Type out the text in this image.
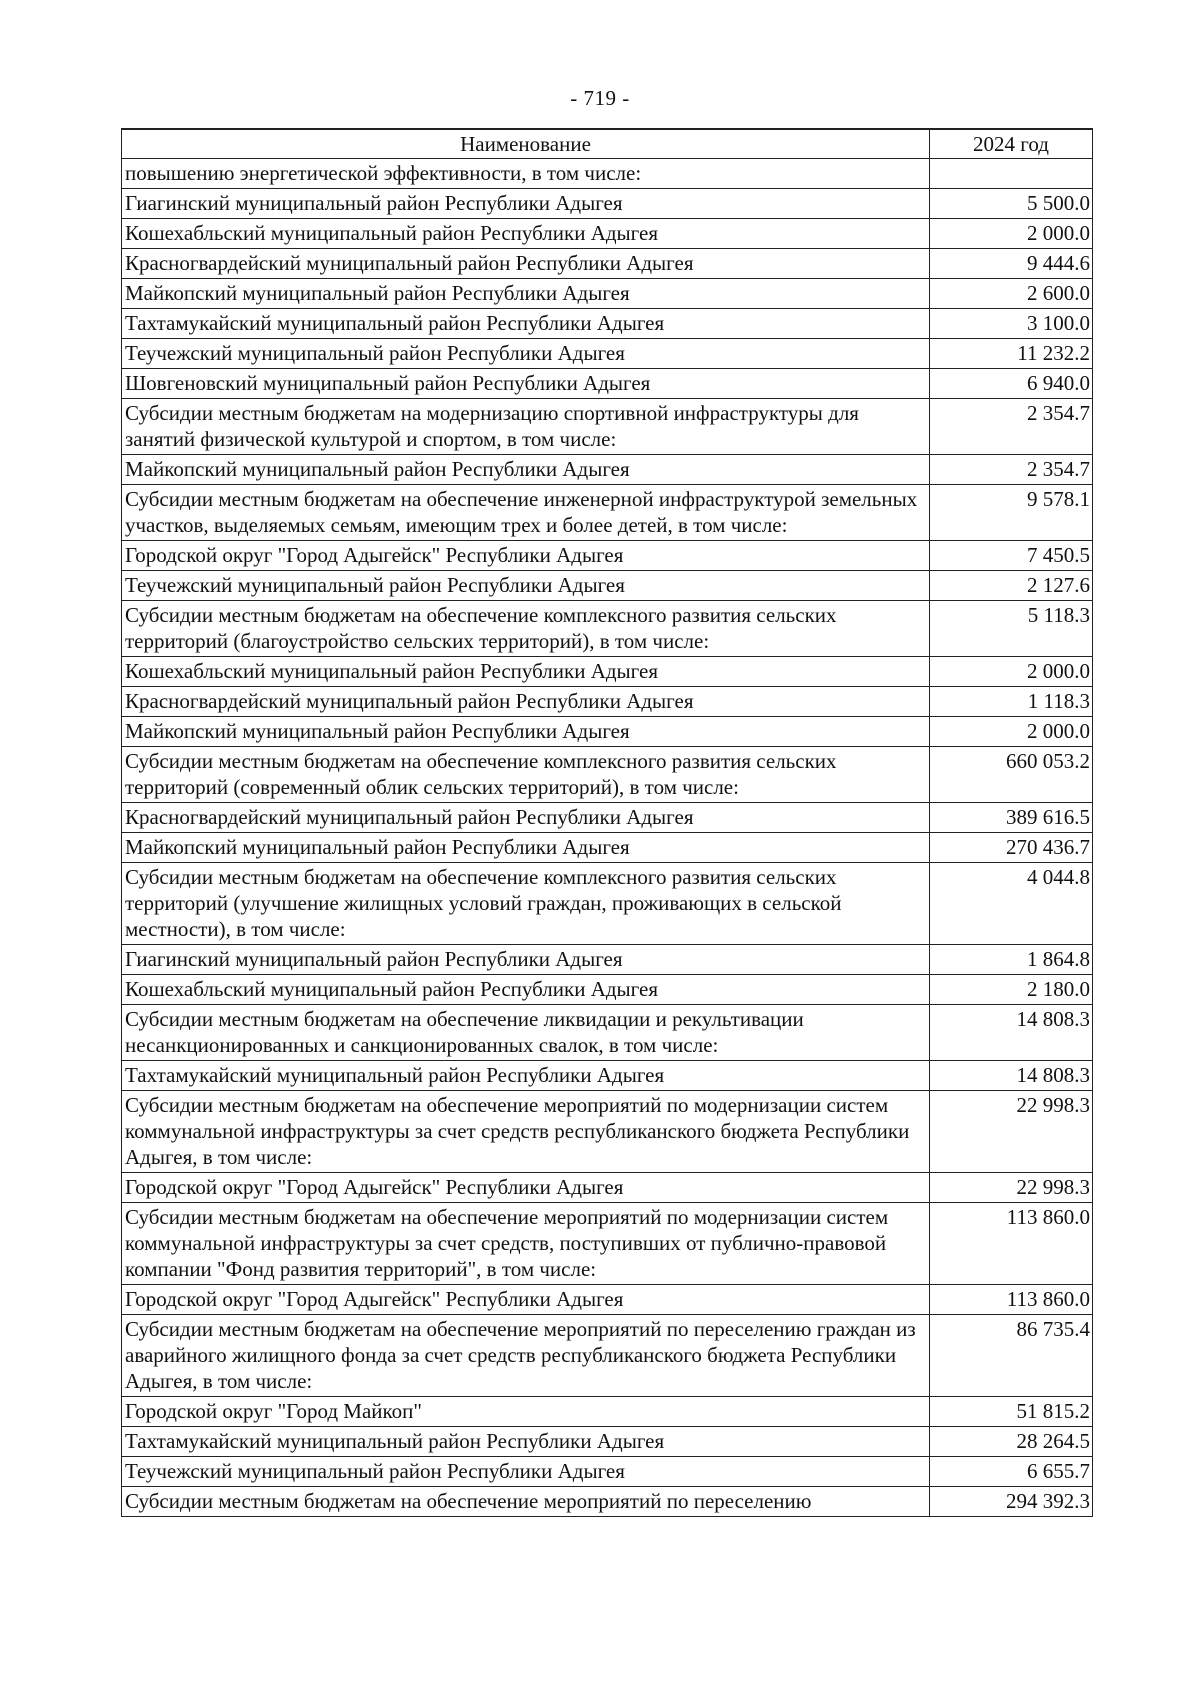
- 719 -
Наименование	2024 год
повышению энергетической эффективности, в том числе:	
Гиагинский муниципальный район Республики Адыгея	5 500.0
Кошехабльский муниципальный район Республики Адыгея	2 000.0
Красногвардейский муниципальный район Республики Адыгея	9 444.6
Майкопский муниципальный район Республики Адыгея	2 600.0
Тахтамукайский муниципальный район Республики Адыгея	3 100.0
Теучежский муниципальный район Республики Адыгея	11 232.2
Шовгеновский муниципальный район Республики Адыгея	6 940.0
Субсидии местным бюджетам на модернизацию спортивной инфраструктуры для занятий физической культурой и спортом, в том числе:	2 354.7
Майкопский муниципальный район Республики Адыгея	2 354.7
Субсидии местным бюджетам на обеспечение инженерной инфраструктурой земельных участков, выделяемых семьям, имеющим трех и более детей, в том числе:	9 578.1
Городской округ "Город Адыгейск" Республики Адыгея	7 450.5
Теучежский муниципальный район Республики Адыгея	2 127.6
Субсидии местным бюджетам на обеспечение комплексного развития сельских территорий (благоустройство сельских территорий), в том числе:	5 118.3
Кошехабльский муниципальный район Республики Адыгея	2 000.0
Красногвардейский муниципальный район Республики Адыгея	1 118.3
Майкопский муниципальный район Республики Адыгея	2 000.0
Субсидии местным бюджетам на обеспечение комплексного развития сельских территорий (современный облик сельских территорий), в том числе:	660 053.2
Красногвардейский муниципальный район Республики Адыгея	389 616.5
Майкопский муниципальный район Республики Адыгея	270 436.7
Субсидии местным бюджетам на обеспечение комплексного развития сельских территорий (улучшение жилищных условий граждан, проживающих в сельской местности), в том числе:	4 044.8
Гиагинский муниципальный район Республики Адыгея	1 864.8
Кошехабльский муниципальный район Республики Адыгея	2 180.0
Субсидии местным бюджетам на обеспечение ликвидации и рекультивации несанкционированных и санкционированных свалок, в том числе:	14 808.3
Тахтамукайский муниципальный район Республики Адыгея	14 808.3
Субсидии местным бюджетам на обеспечение мероприятий по модернизации систем коммунальной инфраструктуры за счет средств республиканского бюджета Республики Адыгея, в том числе:	22 998.3
Городской округ "Город Адыгейск" Республики Адыгея	22 998.3
Субсидии местным бюджетам на обеспечение мероприятий по модернизации систем коммунальной инфраструктуры за счет средств, поступивших от публично-правовой компании "Фонд развития территорий", в том числе:	113 860.0
Городской округ "Город Адыгейск" Республики Адыгея	113 860.0
Субсидии местным бюджетам на обеспечение мероприятий по переселению граждан из аварийного жилищного фонда за счет средств республиканского бюджета Республики Адыгея, в том числе:	86 735.4
Городской округ "Город Майкоп"	51 815.2
Тахтамукайский муниципальный район Республики Адыгея	28 264.5
Теучежский муниципальный район Республики Адыгея	6 655.7
Субсидии местным бюджетам на обеспечение мероприятий по переселению	294 392.3
